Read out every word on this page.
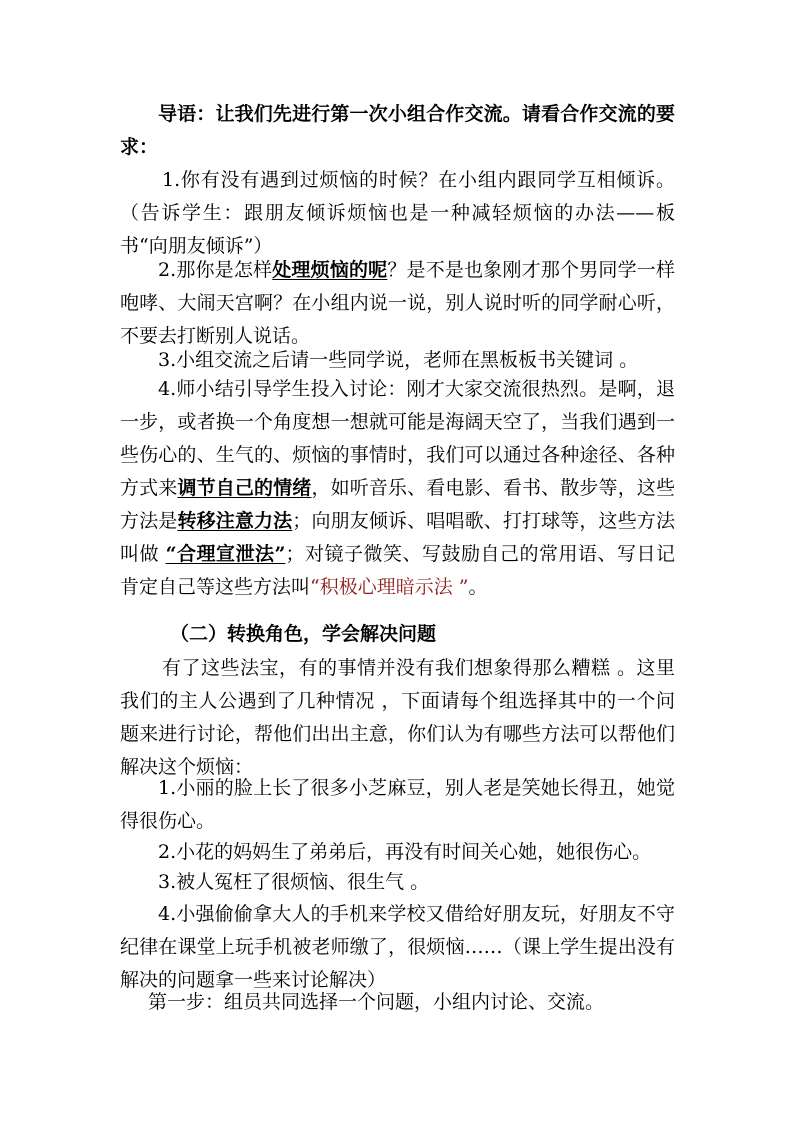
导语：让我们先进行第一次小组合作交流。请看合作交流的要求：

1.你有没有遇到过烦恼的时候？在小组内跟同学互相倾诉。（告诉学生：跟朋友倾诉烦恼也是一种减轻烦恼的办法——板书“向朋友倾诉”）

2.那你是怎样处理烦恼的呢？是不是也象刚才那个男同学一样咆哮、大闹天宫啊？在小组内说一说，别人说时听的同学耐心听，不要去打断别人说话。

3.小组交流之后请一些同学说，老师在黑板板书关键词 。

4.师小结引导学生投入讨论：刚才大家交流很热烈。是啊，退一步，或者换一个角度想一想就可能是海阔天空了，当我们遇到一些伤心的、生气的、烦恼的事情时，我们可以通过各种途径、各种方式来调节自己的情绪，如听音乐、看电影、看书、散步等，这些方法是转移注意力法；向朋友倾诉、唱唱歌、打打球等，这些方法叫做 “合理宣泄法”；对镜子微笑、写鼓励自己的常用语、写日记肯定自己等这些方法叫“积极心理暗示法 ”。

（二）转换角色，学会解决问题

有了这些法宝，有的事情并没有我们想象得那么糟糕 。这里我们的主人公遇到了几种情况 ，下面请每个组选择其中的一个问题来进行讨论，帮他们出出主意，你们认为有哪些方法可以帮他们解决这个烦恼：

1.小丽的脸上长了很多小芝麻豆，别人老是笑她长得丑，她觉得很伤心。

2.小花的妈妈生了弟弟后，再没有时间关心她，她很伤心。

3.被人冤枉了很烦恼、很生气 。

4.小强偷偷拿大人的手机来学校又借给好朋友玩，好朋友不守纪律在课堂上玩手机被老师缴了，很烦恼……（课上学生提出没有解决的问题拿一些来讨论解决）

第一步：组员共同选择一个问题，小组内讨论、交流。
